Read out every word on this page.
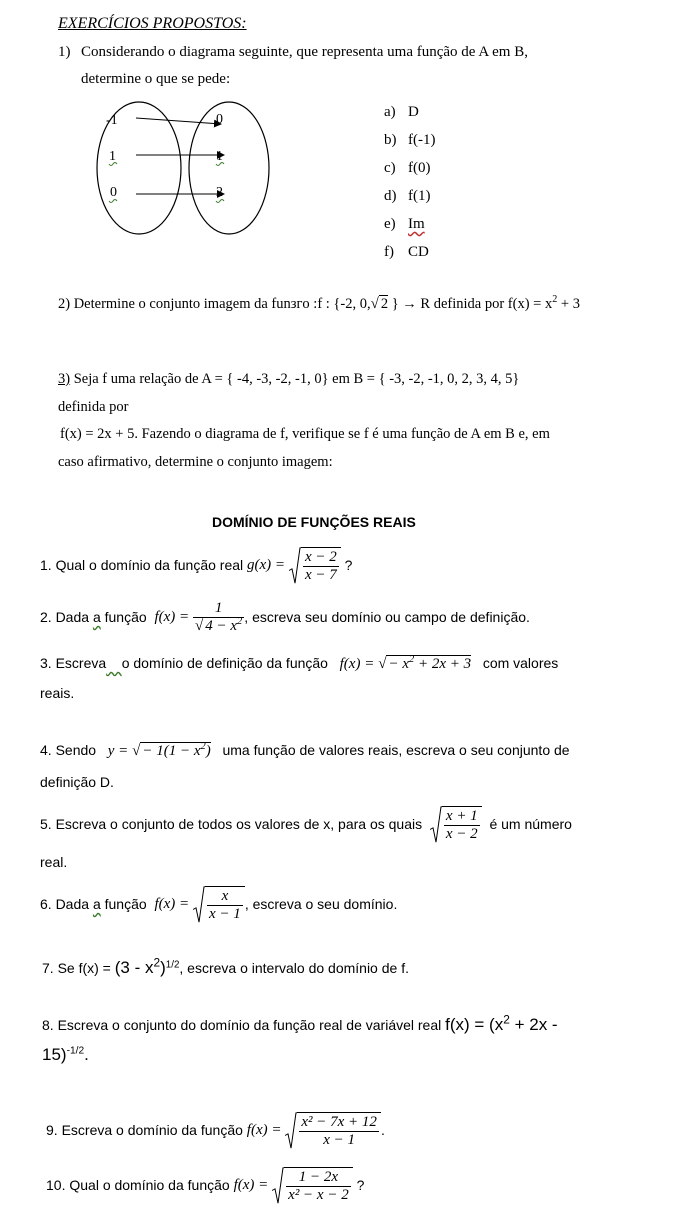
EXERCÍCIOS PROPOSTOS:
1) Considerando o diagrama seguinte, que representa uma função de A em B,
determine o que se pede:
-1
1
0
0
1
2
a) D
b) f(-1)
c) f(0)
d) f(1)
e) Im
f) CD
2) Determine o conjunto imagem da funзгo :f : {-2, 0,√ 2 } → R definida por $f(x) = x^2 + 3$
3) Seja f uma relação de A = { -4, -3, -2, -1, 0} em B = { -3, -2, -1, 0, 2, 3, 4, 5}
definida por
f(x) = 2x + 5. Fazendo o diagrama de f, verifique se f é uma função de A em B e, em
caso afirmativo, determine o conjunto imagem:
DOMÍNIO DE FUNÇÕES REAIS
1. Qual o domínio da função real
g(x) =
$\frac{x - 2}{x - 7}$
?
2. Dada
a
função
f(x) =
$\frac{1}{√ 4 - x^2}$ , escreva seu domínio ou campo de definição.
3. Escreva o domínio de definição da função f(x) = √ − $x^2 + 2x + 3$ com valores
reais.
4. Sendo y = √ − $1(1 - x^2)$ uma função de valores reais, escreva o seu conjunto de
definição D.
5. Escreva o conjunto de todos os valores de x, para os quais
$\frac{x + 1}{x - 2}$
é um número
real.
6. Dada
a
função
f(x) =
$\frac{x}{x - 1}$ , escreva o seu domínio.
7. Se $f(x) = (3 - x^2)^{1/2}$, escreva o intervalo do domínio de f.
8. Escreva o conjunto do domínio da função real de variável real $f(x) = (x^2 + 2x$ -
15)$^{-1/2}$.
9. Escreva o domínio da função
f(x) =
$\frac{\text{x² − 7x + 12}}{x - 1}$ .
10. Qual o domínio da função
f(x) =
$\frac{1 - 2x}{\text{x² − x − 2}}$
?
